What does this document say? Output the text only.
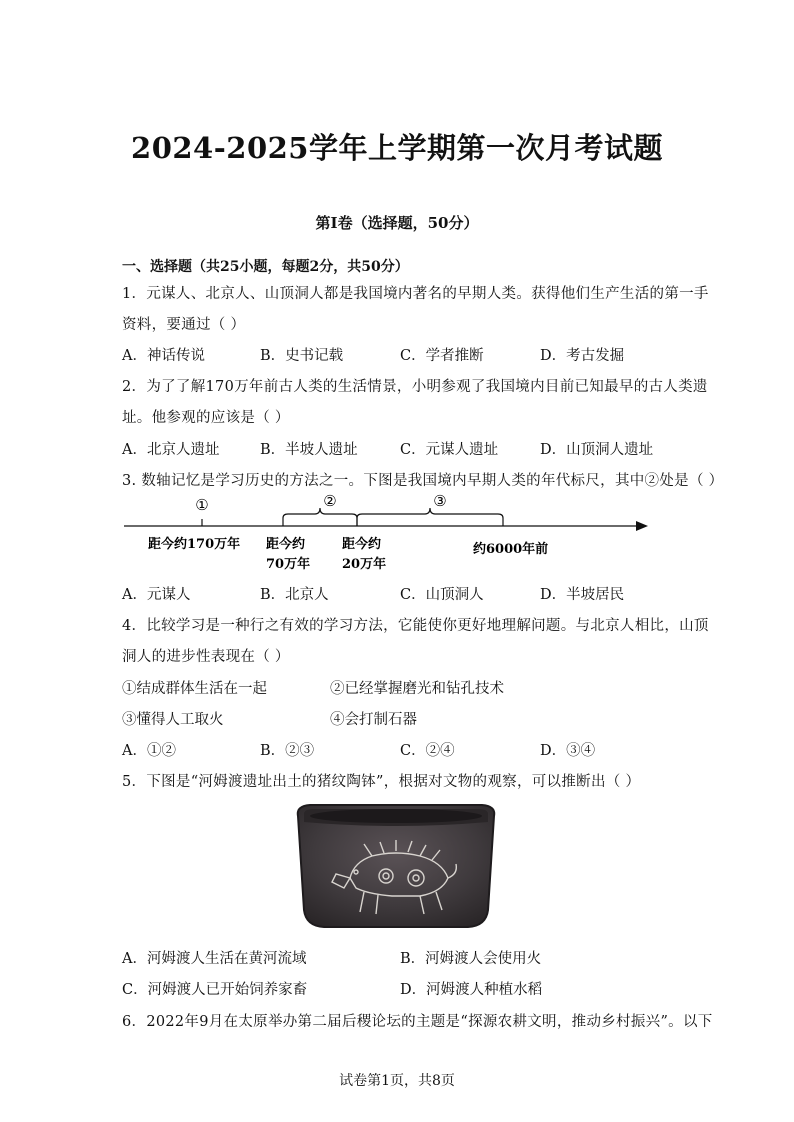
2024-2025学年上学期第一次月考试题
第Ⅰ卷（选择题，50分）
一、选择题（共25小题，每题2分，共50分）
1．元谋人、北京人、山顶洞人都是我国境内著名的早期人类。获得他们生产生活的第一手
资料，要通过（ ）
A．神话传说	B．史书记载	C．学者推断	D．考古发掘
2．为了了解170万年前古人类的生活情景，小明参观了我国境内目前已知最早的古人类遗
址。他参观的应该是（ ）
A．北京人遗址	B．半坡人遗址	C．元谋人遗址	D．山顶洞人遗址
3. 数轴记忆是学习历史的方法之一。下图是我国境内早期人类的年代标尺，其中②处是（ ）
①	②	③
距今约170万年 距今约
70万年
距今约
20万年
约6000年前
A．元谋人	B．北京人	C．山顶洞人	D．半坡居民
4．比较学习是一种行之有效的学习方法，它能使你更好地理解问题。与北京人相比，山顶
洞人的进步性表现在（ ）
①结成群体生活在一起	②已经掌握磨光和钻孔技术
③懂得人工取火	④会打制石器
A．①②	B．②③	C．②④	D．③④
5．下图是“河姆渡遗址出土的猪纹陶钵”，根据对文物的观察，可以推断出（ ）
A．河姆渡人生活在黄河流域	B．河姆渡人会使用火
C．河姆渡人已开始饲养家畜	D．河姆渡人种植水稻
6．2022年9月在太原举办第二届后稷论坛的主题是“探源农耕文明，推动乡村振兴”。以下
试卷第1页，共8页
